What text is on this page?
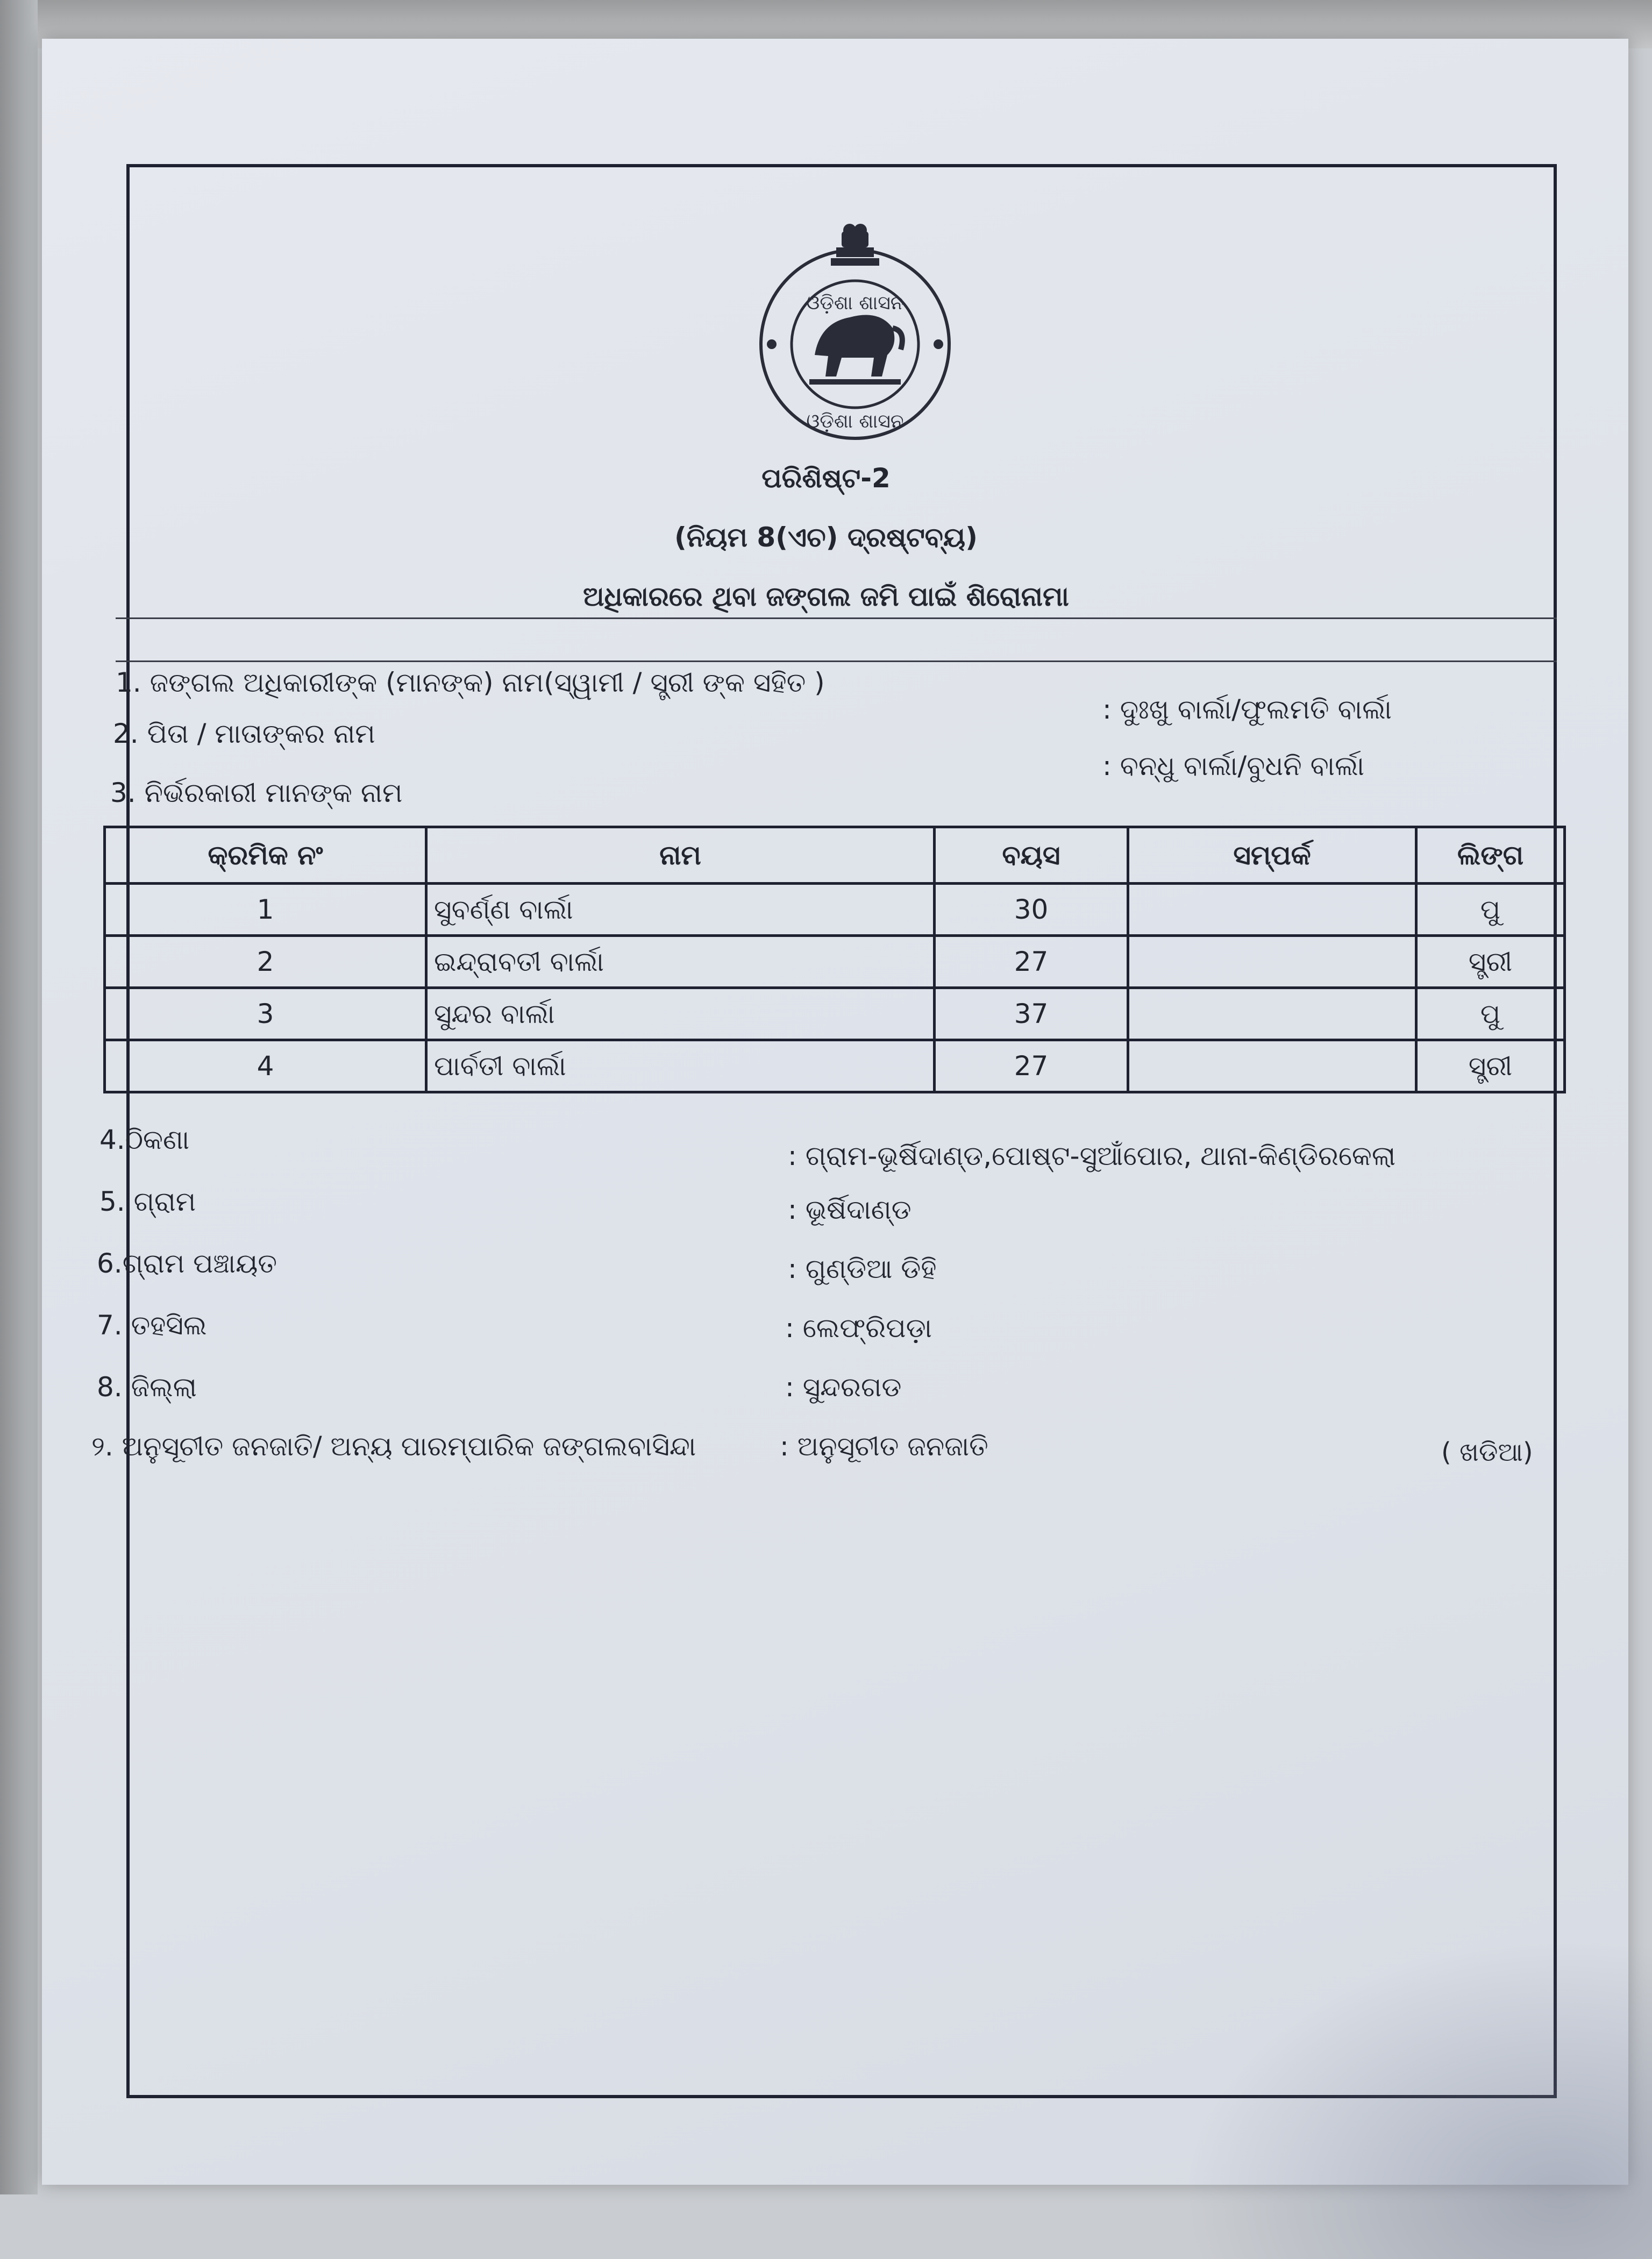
ଓଡ଼ିଶା ଶାସନ
ଓଡ଼ିଶା ଶାସନ
ପରିଶିଷ୍ଟ-2
(ନିୟମ 8(ଏଚ) ଦ୍ରଷ୍ଟବ୍ୟ)
ଅଧିକାରରେ ଥିବା ଜଙ୍ଗଲ ଜମି ପାଇଁ ଶିରୋନାମା
1. ଜଙ୍ଗଲ ଅଧିକାରୀଙ୍କ (ମାନଙ୍କ) ନାମ(ସ୍ୱାମୀ / ସ୍ତ୍ରୀ ଙ୍କ ସହିତ )
: ଦୁଃଖୁ ବାର୍ଲା/ଫୁଲମତି ବାର୍ଲା
2. ପିତା / ମାତାଙ୍କର ନାମ
: ବନ୍ଧୁ ବାର୍ଲା/ବୁଧନି ବାର୍ଲା
3. ନିର୍ଭରକାରୀ ମାନଙ୍କ ନାମ
କ୍ରମିକ ନଂ	ନାମ	ବୟସ	ସମ୍ପର୍କ	ଲିଙ୍ଗ
1	ସୁବର୍ଣ୍ଣ ବାର୍ଲା	30		ପୁ
2	ଇନ୍ଦ୍ରାବତୀ ବାର୍ଲା	27		ସ୍ତ୍ରୀ
3	ସୁନ୍ଦର ବାର୍ଲା	37		ପୁ
4	ପାର୍ବତୀ ବାର୍ଲା	27		ସ୍ତ୍ରୀ
4.ଠିକଣା
: ଗ୍ରାମ-ଭୂର୍ଷିଦାଣ୍ଡ,ପୋଷ୍ଟ-ସୁଆଁପୋର, ଥାନା-କିଣ୍ଡିରକେଲା
5. ଗ୍ରାମ	: ଭୂର୍ଷିଦାଣ୍ଡ
6.ଗ୍ରାମ ପଞ୍ଚାୟତ	: ଗୁଣ୍ଡିଆ ଡିହି
7. ତହସିଲ	: ଲେଫ୍ରିପଡ଼ା
8. ଜିଲ୍ଲା	: ସୁନ୍ଦରଗଡ
୨. ଅନୁସୂଚୀତ ଜନଜାତି/ ଅନ୍ୟ ପାରମ୍ପାରିକ ଜଙ୍ଗଲବାସିନ୍ଦା	: ଅନୁସୂଚୀତ ଜନଜାତି	( ଖଡିଆ)
